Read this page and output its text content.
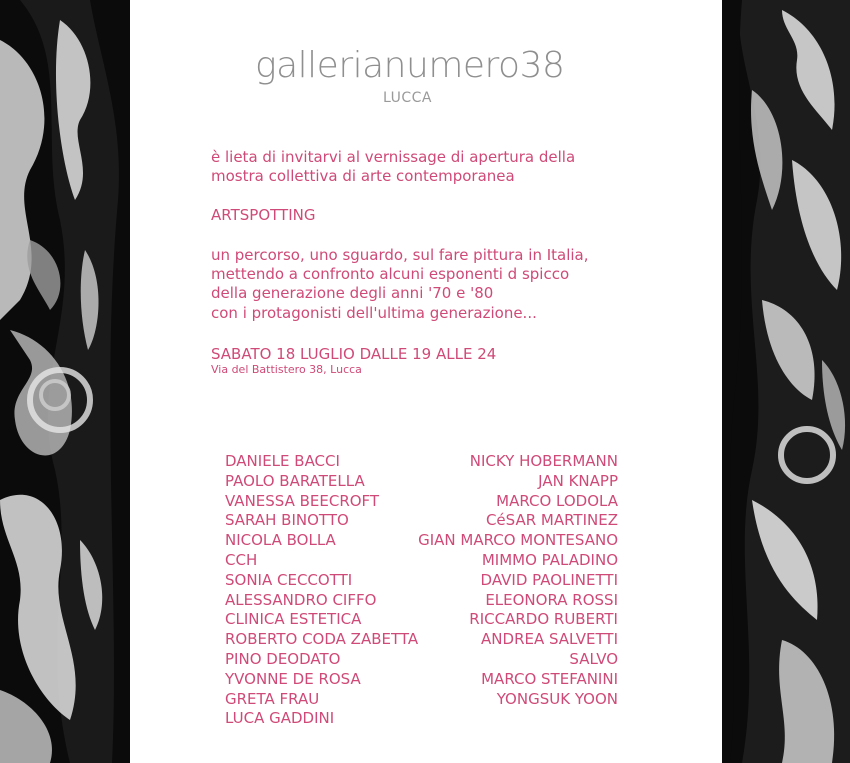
gallerianumero38
LUCCA
è lieta di invitarvi al vernissage di apertura della
mostra collettiva di arte contemporanea
ARTSPOTTING
un percorso, uno sguardo, sul fare pittura in Italia,
mettendo a confronto alcuni esponenti d spicco
della generazione degli anni '70 e '80
con i protagonisti dell'ultima generazione...
SABATO 18 LUGLIO DALLE 19 ALLE 24
Via del Battistero 38, Lucca
DANIELE BACCI
PAOLO BARATELLA
VANESSA BEECROFT
SARAH BINOTTO
NICOLA BOLLA
CCH
SONIA CECCOTTI
ALESSANDRO CIFFO
CLINICA ESTETICA
ROBERTO CODA ZABETTA
PINO DEODATO
YVONNE DE ROSA
GRETA FRAU
LUCA GADDINI
NICKY HOBERMANN
JAN KNAPP
MARCO LODOLA
CéSAR MARTINEZ
GIAN MARCO MONTESANO
MIMMO PALADINO
DAVID PAOLINETTI
ELEONORA ROSSI
RICCARDO RUBERTI
ANDREA SALVETTI
SALVO
MARCO STEFANINI
YONGSUK YOON
